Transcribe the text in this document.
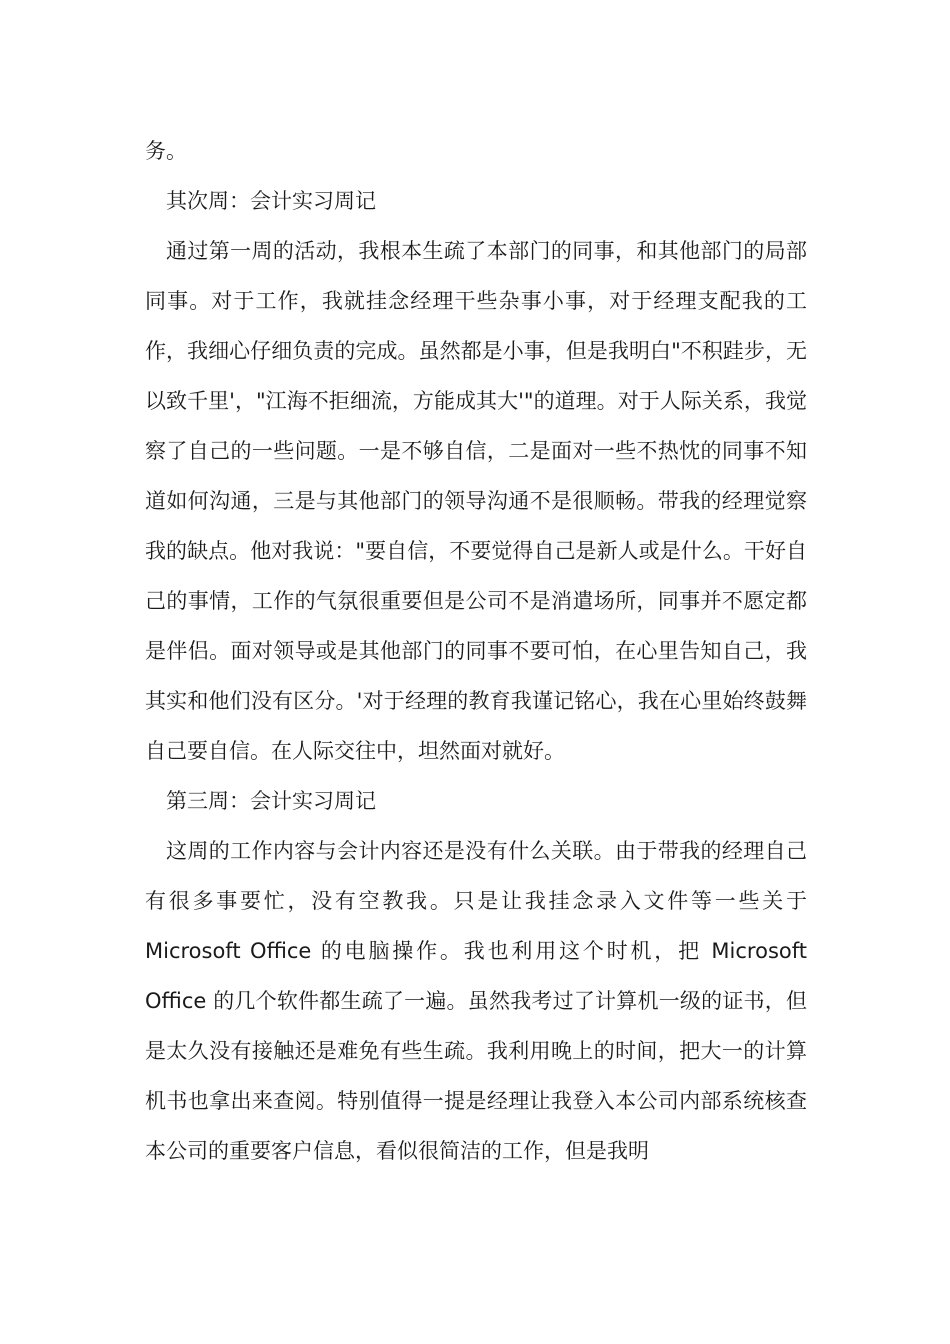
务。

其次周：会计实习周记

通过第一周的活动，我根本生疏了本部门的同事，和其他部门的局部同事。对于工作，我就挂念经理干些杂事小事，对于经理支配我的工作，我细心仔细负责的完成。虽然都是小事，但是我明白"不积跬步，无以致千里'，"江海不拒细流，方能成其大'"的道理。对于人际关系，我觉察了自己的一些问题。一是不够自信，二是面对一些不热忱的同事不知道如何沟通，三是与其他部门的领导沟通不是很顺畅。带我的经理觉察我的缺点。他对我说："要自信，不要觉得自己是新人或是什么。干好自己的事情，工作的气氛很重要但是公司不是消遣场所，同事并不愿定都是伴侣。面对领导或是其他部门的同事不要可怕，在心里告知自己，我其实和他们没有区分。'对于经理的教育我谨记铭心，我在心里始终鼓舞自己要自信。在人际交往中，坦然面对就好。

第三周：会计实习周记

这周的工作内容与会计内容还是没有什么关联。由于带我的经理自己有很多事要忙，没有空教我。只是让我挂念录入文件等一些关于 Microsoft Office 的电脑操作。我也利用这个时机，把 Microsoft Office 的几个软件都生疏了一遍。虽然我考过了计算机一级的证书，但是太久没有接触还是难免有些生疏。我利用晚上的时间，把大一的计算机书也拿出来查阅。特别值得一提是经理让我登入本公司内部系统核查本公司的重要客户信息，看似很简洁的工作，但是我明
